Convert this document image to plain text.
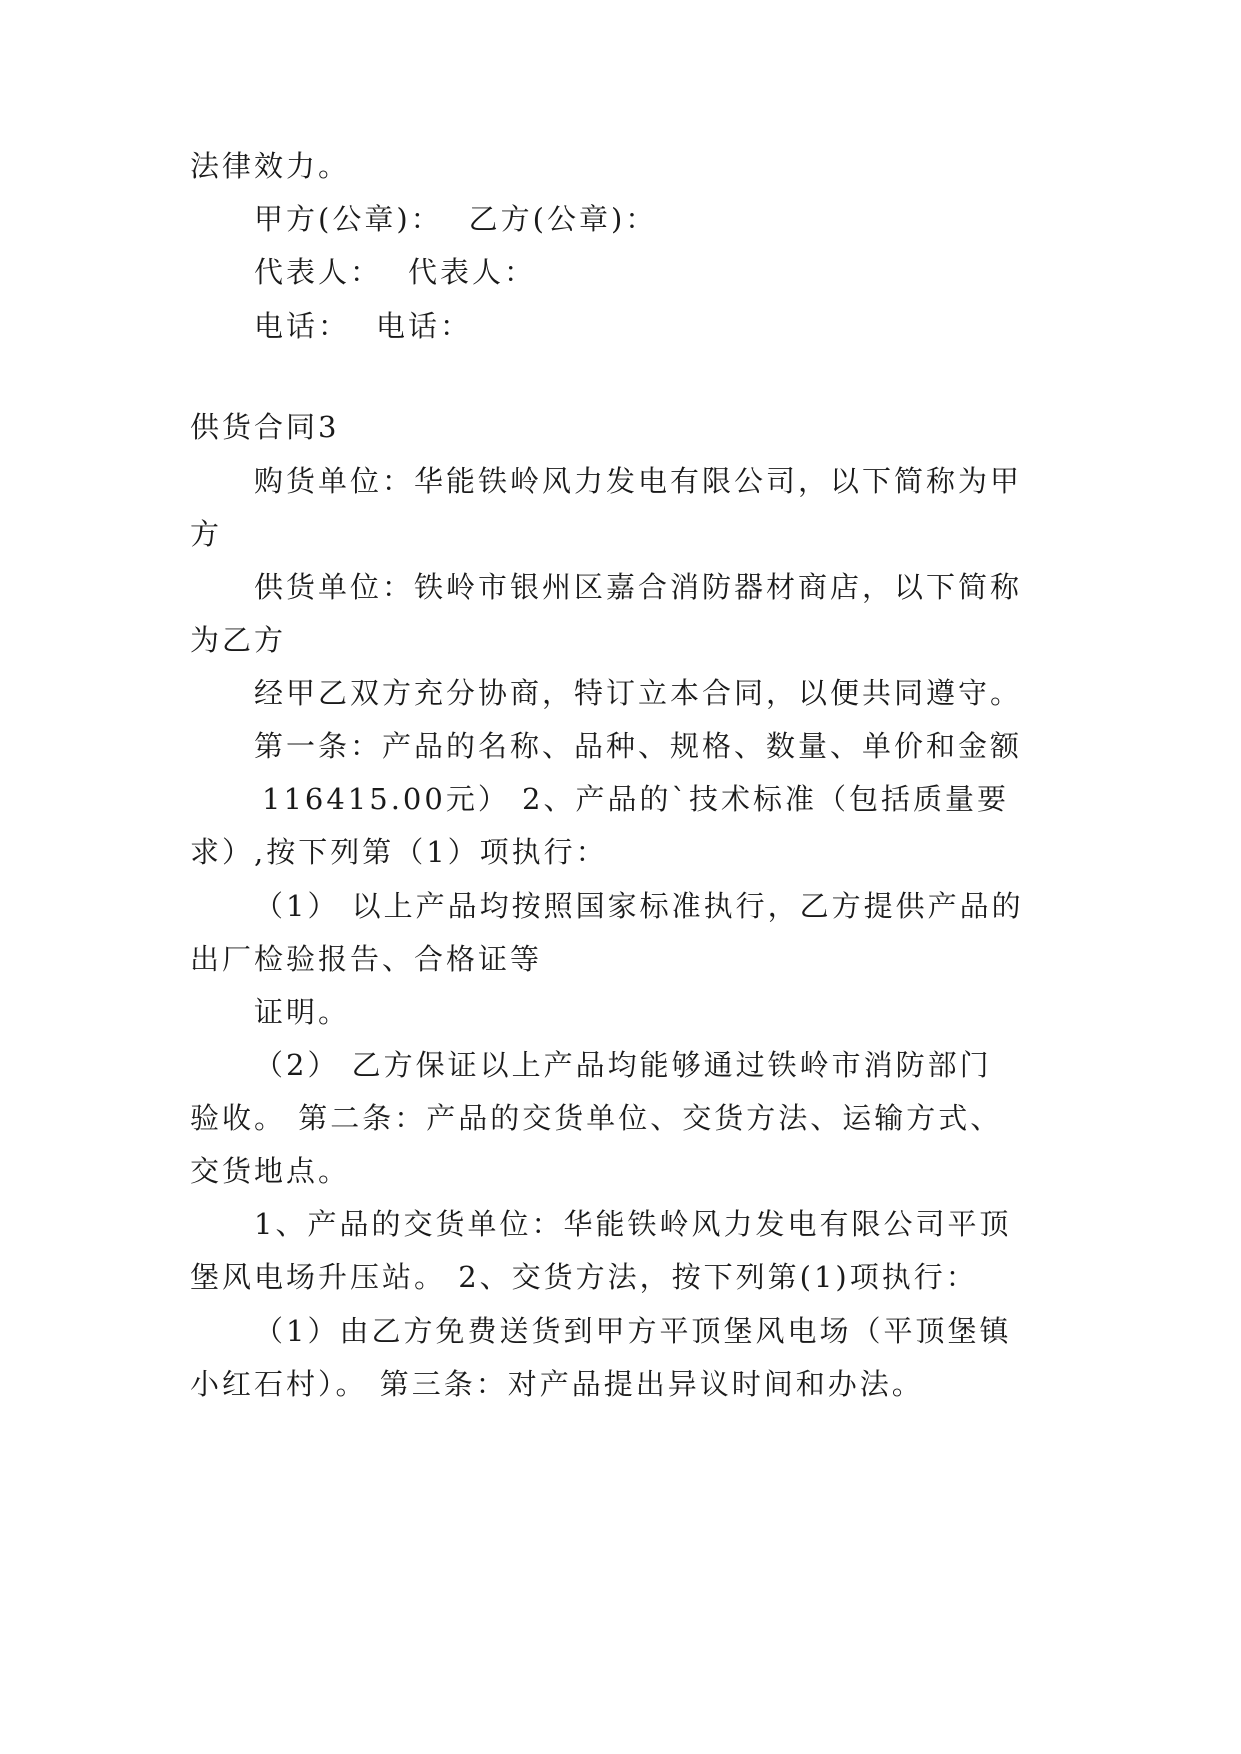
法律效力。
甲方(公章)： 乙方(公章)：
代表人： 代表人：
电话： 电话：
供货合同3
购货单位：华能铁岭风力发电有限公司，以下简称为甲
方
供货单位：铁岭市银州区嘉合消防器材商店，以下简称
为乙方
经甲乙双方充分协商，特订立本合同，以便共同遵守。
第一条：产品的名称、品种、规格、数量、单价和金额
116415.00元） 2、产品的`技术标准（包括质量要
求）,按下列第（1）项执行：
（1） 以上产品均按照国家标准执行，乙方提供产品的
出厂检验报告、合格证等
证明。
（2） 乙方保证以上产品均能够通过铁岭市消防部门
验收。 第二条：产品的交货单位、交货方法、运输方式、
交货地点。
1、产品的交货单位：华能铁岭风力发电有限公司平顶
堡风电场升压站。 2、交货方法，按下列第(1)项执行：
（1）由乙方免费送货到甲方平顶堡风电场（平顶堡镇
小红石村）。 第三条：对产品提出异议时间和办法。
